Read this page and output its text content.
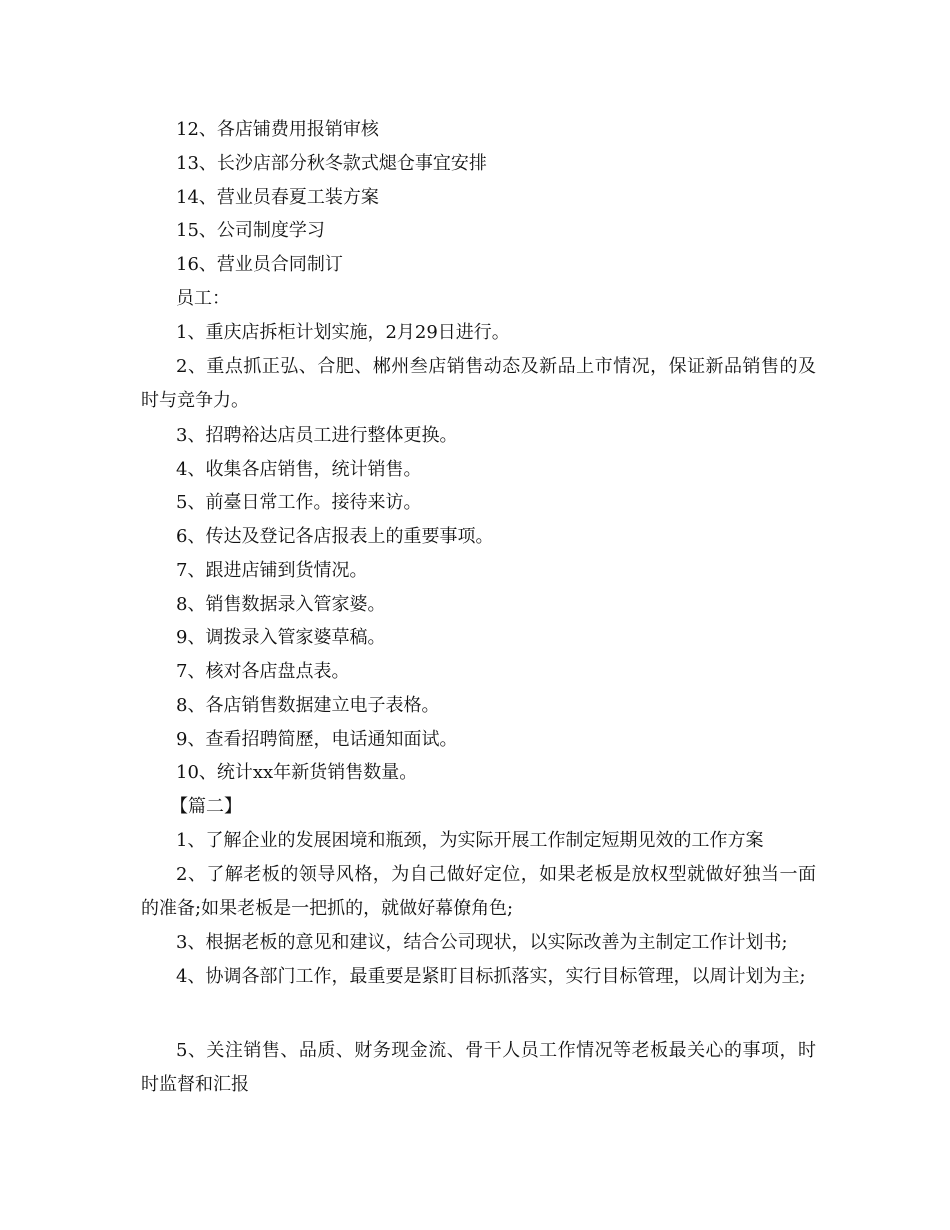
12、各店铺费用报销审核
13、长沙店部分秋冬款式煺仓事宜安排
14、营业员春夏工装方案
15、公司制度学习
16、营业员合同制订
员工：
1、重庆店拆柜计划实施，2月29日进行。
2、重点抓正弘、合肥、郴州叁店销售动态及新品上市情况，保证新品销售的及时与竞争力。
3、招聘裕达店员工进行整体更换。
4、收集各店销售，统计销售。
5、前臺日常工作。接待来访。
6、传达及登记各店报表上的重要事项。
7、跟进店铺到货情况。
8、销售数据录入管家婆。
9、调拨录入管家婆草稿。
7、核对各店盘点表。
8、各店销售数据建立电子表格。
9、查看招聘简歷，电话通知面试。
10、统计xx年新货销售数量。
【篇二】
1、了解企业的发展困境和瓶颈，为实际开展工作制定短期见效的工作方案
2、了解老板的领导风格，为自己做好定位，如果老板是放权型就做好独当一面的准备;如果老板是一把抓的，就做好幕僚角色;
3、根据老板的意见和建议，结合公司现状，以实际改善为主制定工作计划书;
4、协调各部门工作，最重要是紧盯目标抓落实，实行目标管理，以周计划为主;
5、关注销售、品质、财务现金流、骨干人员工作情况等老板最关心的事项，时时监督和汇报
